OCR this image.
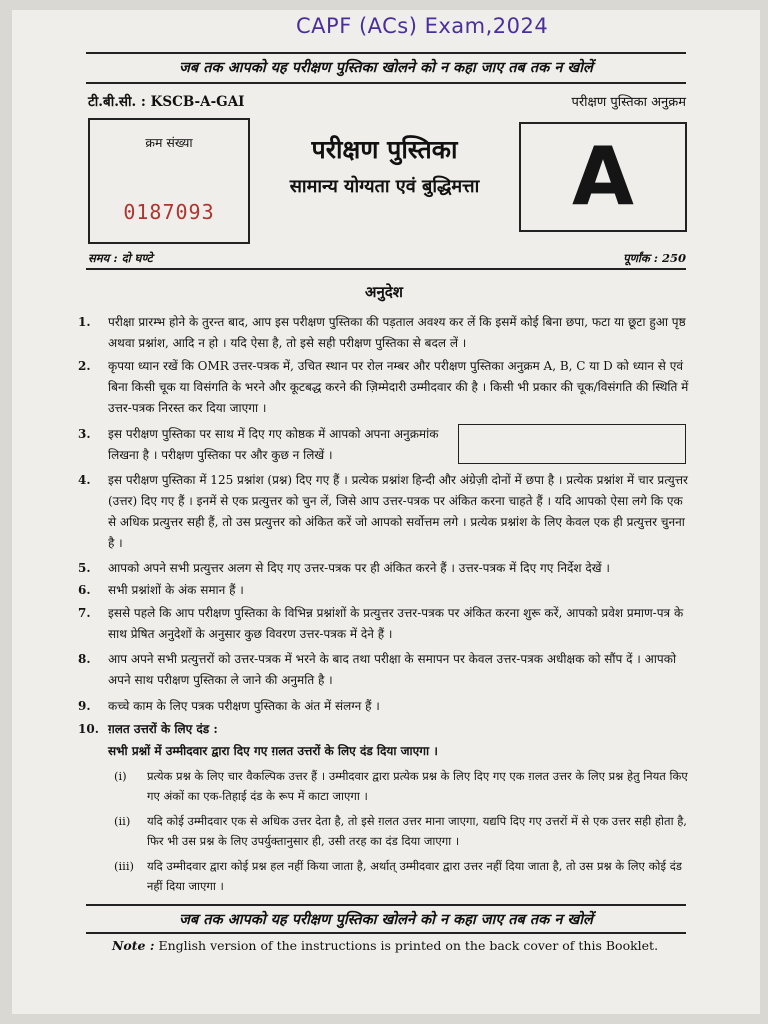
CAPF (ACs) Exam,2024
जब तक आपको यह परीक्षण पुस्तिका खोलने को न कहा जाए तब तक न खोलें
टी.बी.सी. : KSCB-A-GAI	परीक्षण पुस्तिका अनुक्रम
क्रम संख्या
0187093
परीक्षण पुस्तिका
सामान्य योग्यता एवं बुद्धिमत्ता	A
समय : दो घण्टे	पूर्णांक : 250
अनुदेश
1.	परीक्षा प्रारम्भ होने के तुरन्त बाद, आप इस परीक्षण पुस्तिका की पड़ताल अवश्य कर लें कि इसमें कोई बिना छपा, फटा या छूटा हुआ पृष्ठ अथवा प्रश्नांश, आदि न हो । यदि ऐसा है, तो इसे सही परीक्षण पुस्तिका से बदल लें ।
2.	कृपया ध्यान रखें कि OMR उत्तर-पत्रक में, उचित स्थान पर रोल नम्बर और परीक्षण पुस्तिका अनुक्रम A, B, C या D को ध्यान से एवं बिना किसी चूक या विसंगति के भरने और कूटबद्ध करने की ज़िम्मेदारी उम्मीदवार की है । किसी भी प्रकार की चूक/विसंगति की स्थिति में उत्तर-पत्रक निरस्त कर दिया जाएगा ।
3.	इस परीक्षण पुस्तिका पर साथ में दिए गए कोष्ठक में आपको अपना अनुक्रमांक लिखना है । परीक्षण पुस्तिका पर और कुछ न लिखें ।
4.	इस परीक्षण पुस्तिका में 125 प्रश्नांश (प्रश्न) दिए गए हैं । प्रत्येक प्रश्नांश हिन्दी और अंग्रेज़ी दोनों में छपा है । प्रत्येक प्रश्नांश में चार प्रत्युत्तर (उत्तर) दिए गए हैं । इनमें से एक प्रत्युत्तर को चुन लें, जिसे आप उत्तर-पत्रक पर अंकित करना चाहते हैं । यदि आपको ऐसा लगे कि एक से अधिक प्रत्युत्तर सही हैं, तो उस प्रत्युत्तर को अंकित करें जो आपको सर्वोत्तम लगे । प्रत्येक प्रश्नांश के लिए केवल एक ही प्रत्युत्तर चुनना है ।
5.	आपको अपने सभी प्रत्युत्तर अलग से दिए गए उत्तर-पत्रक पर ही अंकित करने हैं । उत्तर-पत्रक में दिए गए निर्देश देखें ।
6.	सभी प्रश्नांशों के अंक समान हैं ।
7.	इससे पहले कि आप परीक्षण पुस्तिका के विभिन्न प्रश्नांशों के प्रत्युत्तर उत्तर-पत्रक पर अंकित करना शुरू करें, आपको प्रवेश प्रमाण-पत्र के साथ प्रेषित अनुदेशों के अनुसार कुछ विवरण उत्तर-पत्रक में देने हैं ।
8.	आप अपने सभी प्रत्युत्तरों को उत्तर-पत्रक में भरने के बाद तथा परीक्षा के समापन पर केवल उत्तर-पत्रक अधीक्षक को सौंप दें । आपको अपने साथ परीक्षण पुस्तिका ले जाने की अनुमति है ।
9.	कच्चे काम के लिए पत्रक परीक्षण पुस्तिका के अंत में संलग्न हैं ।
10. ग़लत उत्तरों के लिए दंड :
सभी प्रश्नों में उम्मीदवार द्वारा दिए गए ग़लत उत्तरों के लिए दंड दिया जाएगा ।
(i)	प्रत्येक प्रश्न के लिए चार वैकल्पिक उत्तर हैं । उम्मीदवार द्वारा प्रत्येक प्रश्न के लिए दिए गए एक ग़लत उत्तर के लिए प्रश्न हेतु नियत किए गए अंकों का एक-तिहाई दंड के रूप में काटा जाएगा ।
(ii)	यदि कोई उम्मीदवार एक से अधिक उत्तर देता है, तो इसे ग़लत उत्तर माना जाएगा, यद्यपि दिए गए उत्तरों में से एक उत्तर सही होता है, फिर भी उस प्रश्न के लिए उपर्युक्तानुसार ही, उसी तरह का दंड दिया जाएगा ।
(iii)	यदि उम्मीदवार द्वारा कोई प्रश्न हल नहीं किया जाता है, अर्थात् उम्मीदवार द्वारा उत्तर नहीं दिया जाता है, तो उस प्रश्न के लिए कोई दंड नहीं दिया जाएगा ।
जब तक आपको यह परीक्षण पुस्तिका खोलने को न कहा जाए तब तक न खोलें
Note : English version of the instructions is printed on the back cover of this Booklet.
